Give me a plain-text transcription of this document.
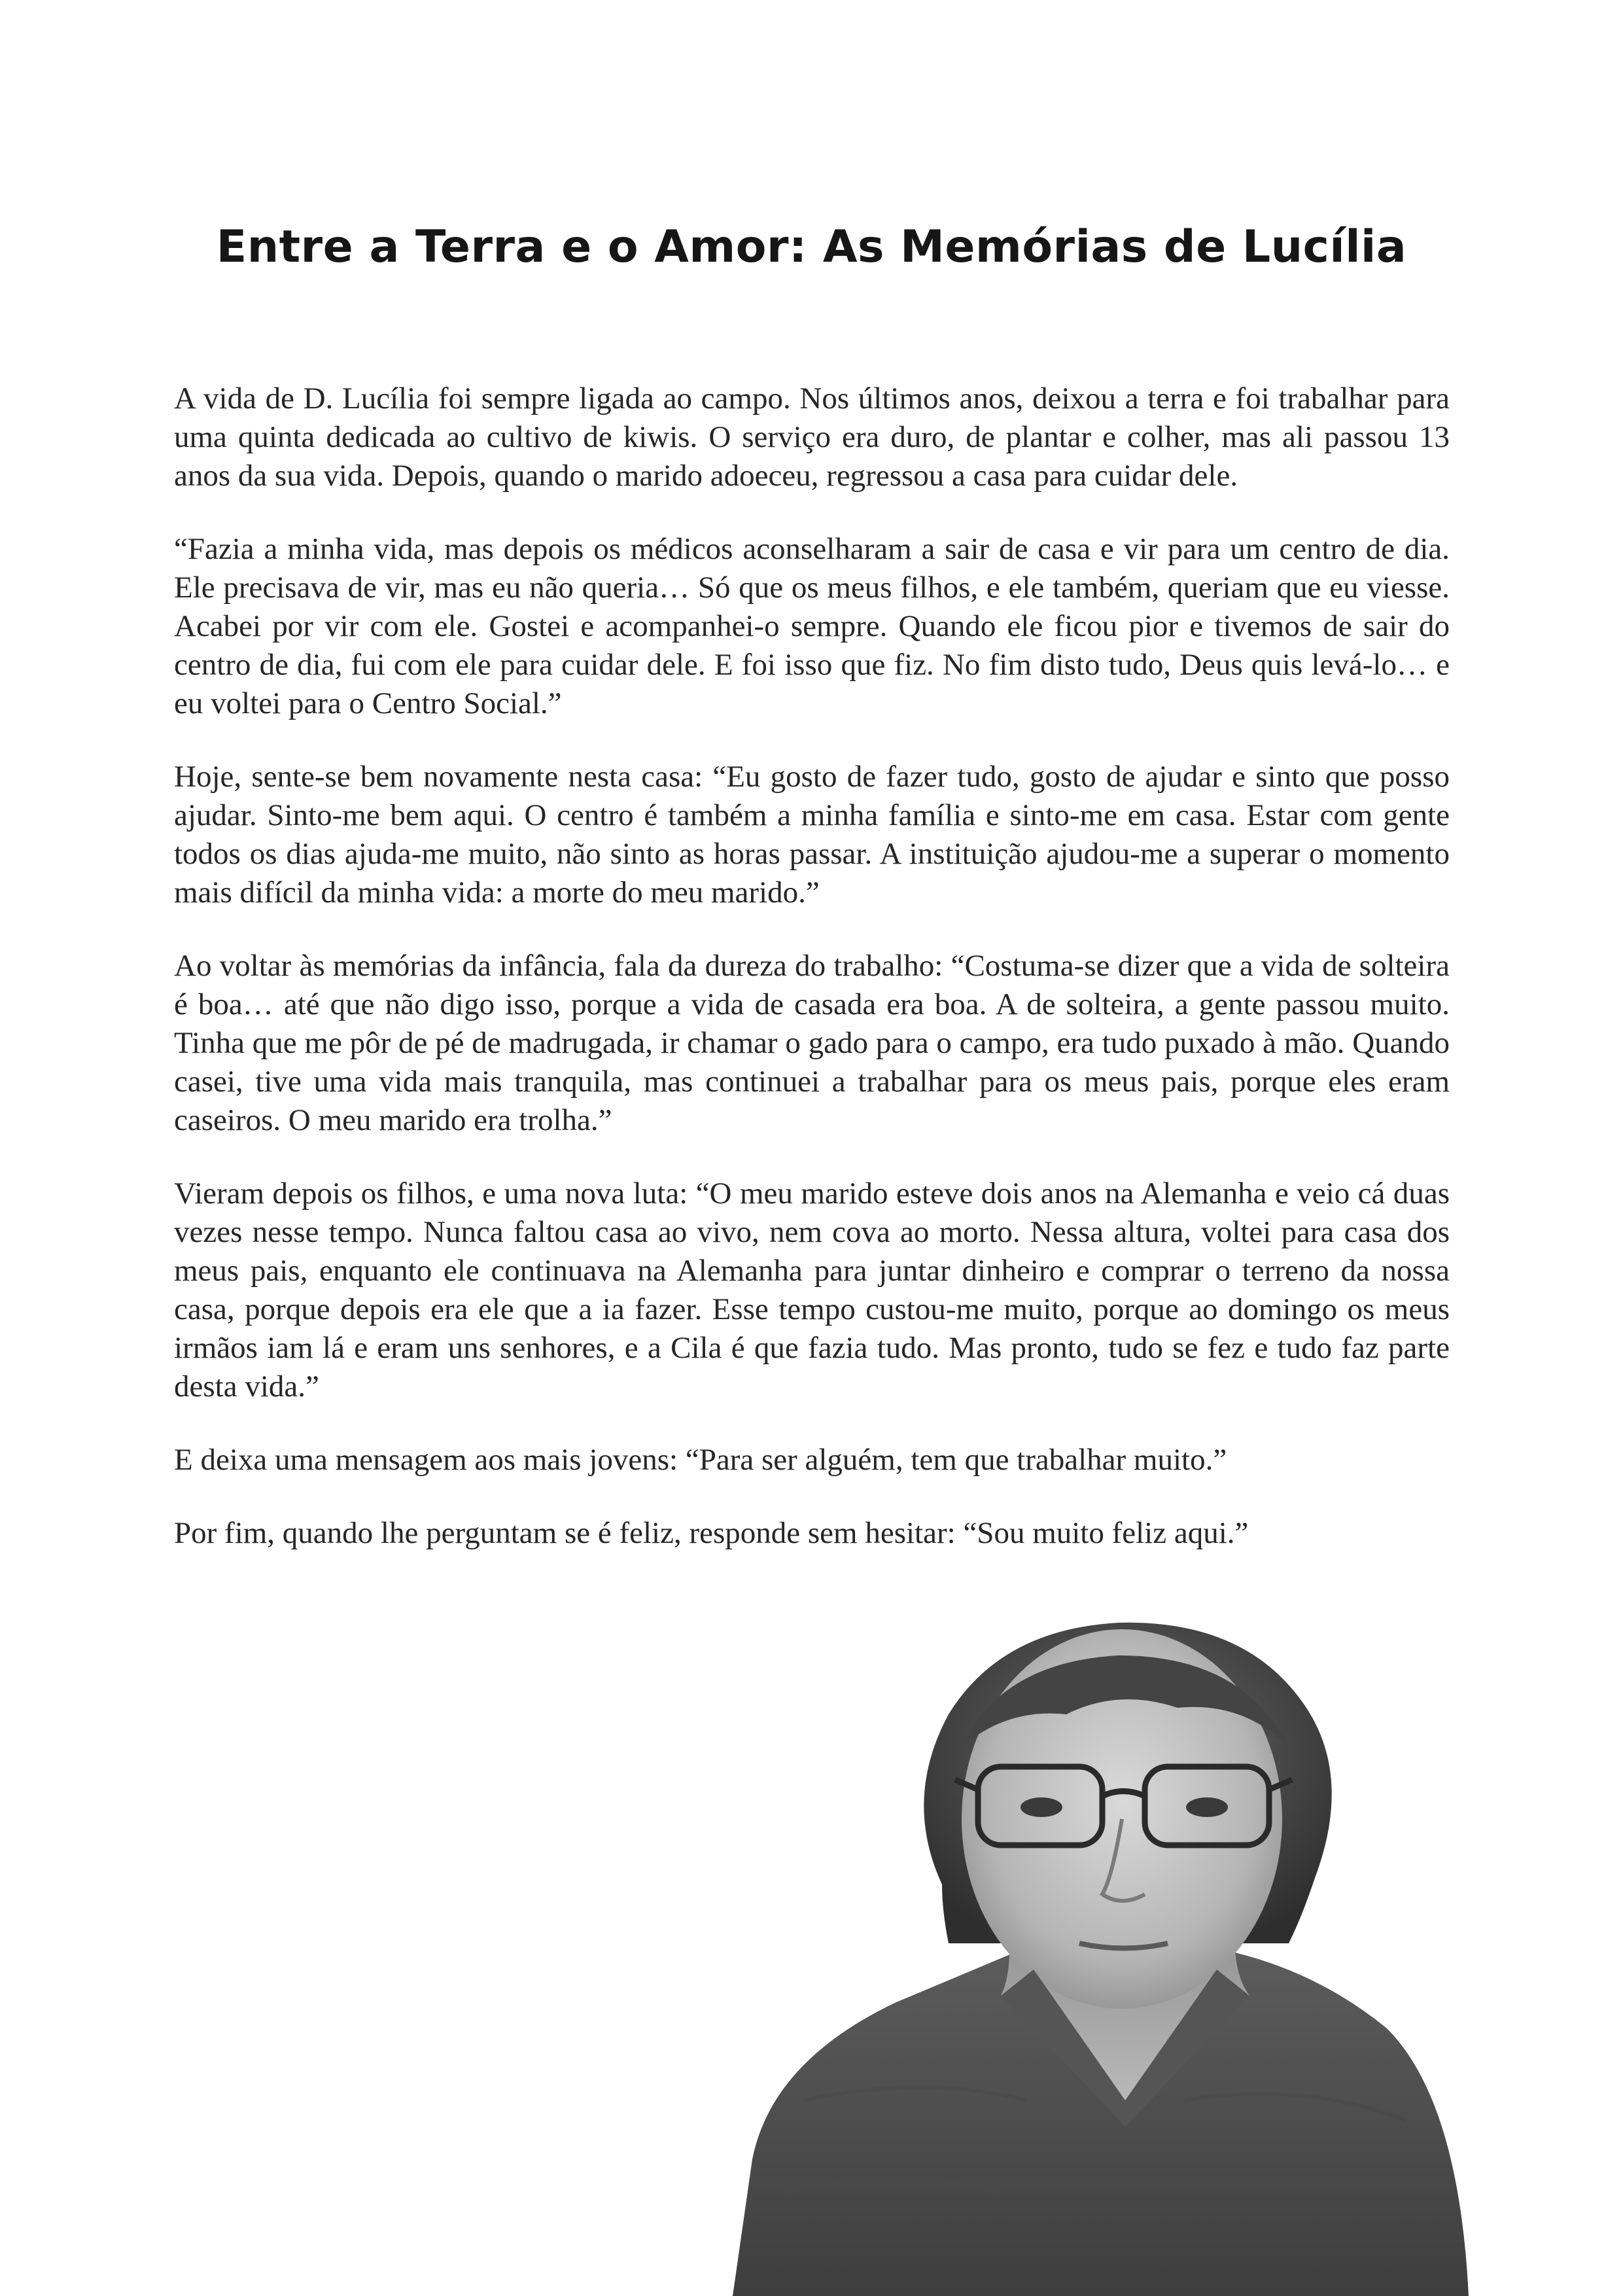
Entre a Terra e o Amor: As Memórias de Lucília

A vida de D. Lucília foi sempre ligada ao campo. Nos últimos anos, deixou a terra e foi trabalhar para uma quinta dedicada ao cultivo de kiwis. O serviço era duro, de plantar e colher, mas ali passou 13 anos da sua vida. Depois, quando o marido adoeceu, regressou a casa para cuidar dele.

“Fazia a minha vida, mas depois os médicos aconselharam a sair de casa e vir para um centro de dia. Ele precisava de vir, mas eu não queria… Só que os meus filhos, e ele também, queriam que eu viesse. Acabei por vir com ele. Gostei e acompanhei-o sempre. Quando ele ficou pior e tivemos de sair do centro de dia, fui com ele para cuidar dele. E foi isso que fiz. No fim disto tudo, Deus quis levá-lo… e eu voltei para o Centro Social.”

Hoje, sente-se bem novamente nesta casa: “Eu gosto de fazer tudo, gosto de ajudar e sinto que posso ajudar. Sinto-me bem aqui. O centro é também a minha família e sinto-me em casa. Estar com gente todos os dias ajuda-me muito, não sinto as horas passar. A instituição ajudou-me a superar o momento mais difícil da minha vida: a morte do meu marido.”

Ao voltar às memórias da infância, fala da dureza do trabalho: “Costuma-se dizer que a vida de solteira é boa… até que não digo isso, porque a vida de casada era boa. A de solteira, a gente passou muito. Tinha que me pôr de pé de madrugada, ir chamar o gado para o campo, era tudo puxado à mão. Quando casei, tive uma vida mais tranquila, mas continuei a trabalhar para os meus pais, porque eles eram caseiros. O meu marido era trolha.”

Vieram depois os filhos, e uma nova luta: “O meu marido esteve dois anos na Alemanha e veio cá duas vezes nesse tempo. Nunca faltou casa ao vivo, nem cova ao morto. Nessa altura, voltei para casa dos meus pais, enquanto ele continuava na Alemanha para juntar dinheiro e comprar o terreno da nossa casa, porque depois era ele que a ia fazer. Esse tempo custou-me muito, porque ao domingo os meus irmãos iam lá e eram uns senhores, e a Cila é que fazia tudo. Mas pronto, tudo se fez e tudo faz parte desta vida.”

E deixa uma mensagem aos mais jovens: “Para ser alguém, tem que trabalhar muito.”

Por fim, quando lhe perguntam se é feliz, responde sem hesitar: “Sou muito feliz aqui.”
